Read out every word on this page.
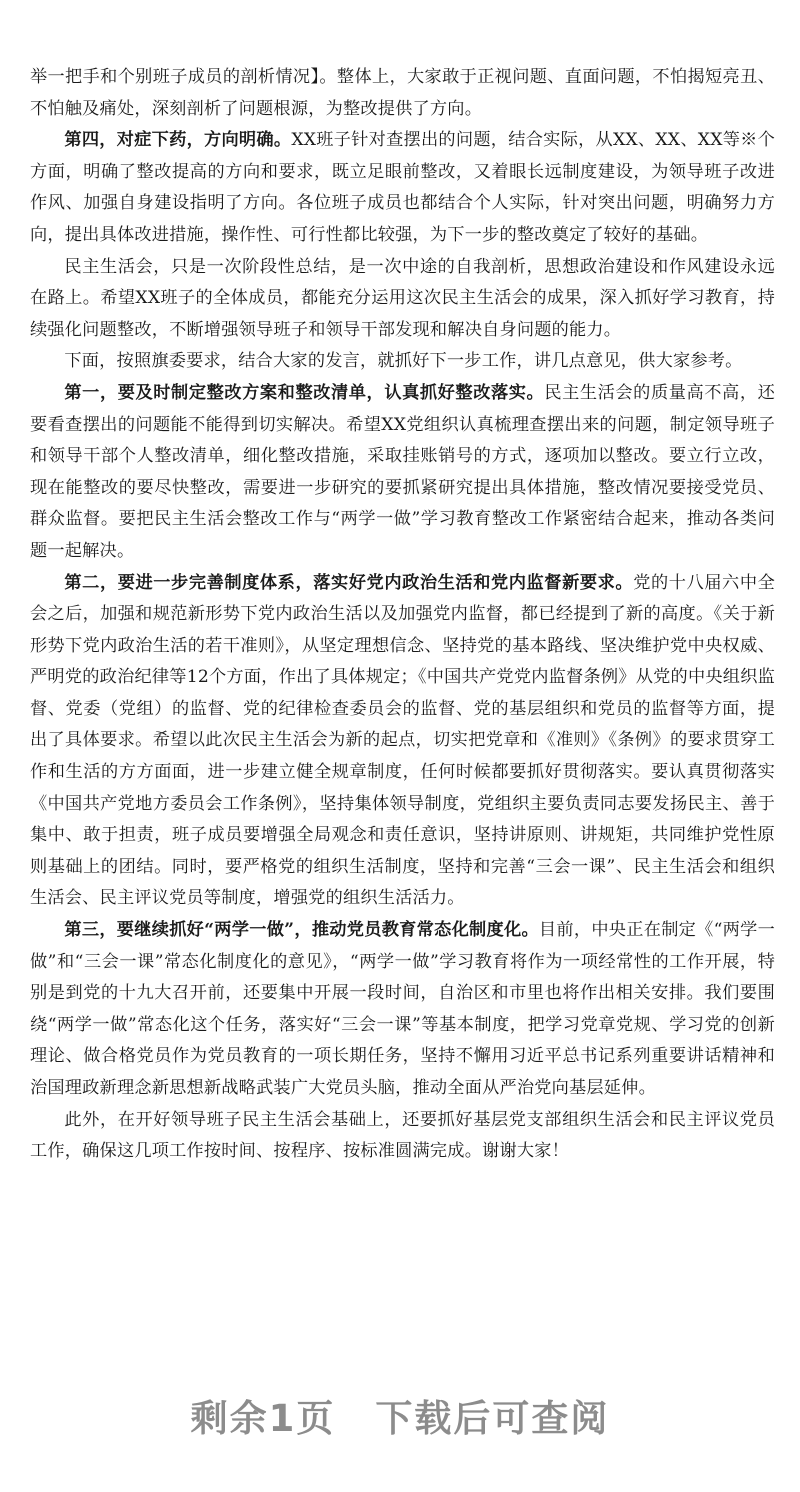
举一把手和个别班子成员的剖析情况】。整体上，大家敢于正视问题、直面问题，不怕揭短亮丑、不怕触及痛处，深刻剖析了问题根源，为整改提供了方向。

第四，对症下药，方向明确。XX班子针对查摆出的问题，结合实际，从XX、XX、XX等※个方面，明确了整改提高的方向和要求，既立足眼前整改，又着眼长远制度建设，为领导班子改进作风、加强自身建设指明了方向。各位班子成员也都结合个人实际，针对突出问题，明确努力方向，提出具体改进措施，操作性、可行性都比较强，为下一步的整改奠定了较好的基础。

民主生活会，只是一次阶段性总结，是一次中途的自我剖析，思想政治建设和作风建设永远在路上。希望XX班子的全体成员，都能充分运用这次民主生活会的成果，深入抓好学习教育，持续强化问题整改，不断增强领导班子和领导干部发现和解决自身问题的能力。

下面，按照旗委要求，结合大家的发言，就抓好下一步工作，讲几点意见，供大家参考。

第一，要及时制定整改方案和整改清单，认真抓好整改落实。民主生活会的质量高不高，还要看查摆出的问题能不能得到切实解决。希望XX党组织认真梳理查摆出来的问题，制定领导班子和领导干部个人整改清单，细化整改措施，采取挂账销号的方式，逐项加以整改。要立行立改，现在能整改的要尽快整改，需要进一步研究的要抓紧研究提出具体措施，整改情况要接受党员、群众监督。要把民主生活会整改工作与“两学一做”学习教育整改工作紧密结合起来，推动各类问题一起解决。

第二，要进一步完善制度体系，落实好党内政治生活和党内监督新要求。党的十八届六中全会之后，加强和规范新形势下党内政治生活以及加强党内监督，都已经提到了新的高度。《关于新形势下党内政治生活的若干准则》，从坚定理想信念、坚持党的基本路线、坚决维护党中央权威、严明党的政治纪律等12个方面，作出了具体规定；《中国共产党党内监督条例》从党的中央组织监督、党委（党组）的监督、党的纪律检查委员会的监督、党的基层组织和党员的监督等方面，提出了具体要求。希望以此次民主生活会为新的起点，切实把党章和《准则》《条例》的要求贯穿工作和生活的方方面面，进一步建立健全规章制度，任何时候都要抓好贯彻落实。要认真贯彻落实《中国共产党地方委员会工作条例》，坚持集体领导制度，党组织主要负责同志要发扬民主、善于集中、敢于担责，班子成员要增强全局观念和责任意识，坚持讲原则、讲规矩，共同维护党性原则基础上的团结。同时，要严格党的组织生活制度，坚持和完善“三会一课”、民主生活会和组织生活会、民主评议党员等制度，增强党的组织生活活力。

第三，要继续抓好“两学一做”，推动党员教育常态化制度化。目前，中央正在制定《“两学一做”和“三会一课”常态化制度化的意见》，“两学一做”学习教育将作为一项经常性的工作开展，特别是到党的十九大召开前，还要集中开展一段时间，自治区和市里也将作出相关安排。我们要围绕“两学一做”常态化这个任务，落实好“三会一课”等基本制度，把学习党章党规、学习党的创新理论、做合格党员作为党员教育的一项长期任务，坚持不懈用习近平总书记系列重要讲话精神和治国理政新理念新思想新战略武装广大党员头脑，推动全面从严治党向基层延伸。

此外，在开好领导班子民主生活会基础上，还要抓好基层党支部组织生活会和民主评议党员工作，确保这几项工作按时间、按程序、按标准圆满完成。谢谢大家！

剩余1页 下载后可查阅
